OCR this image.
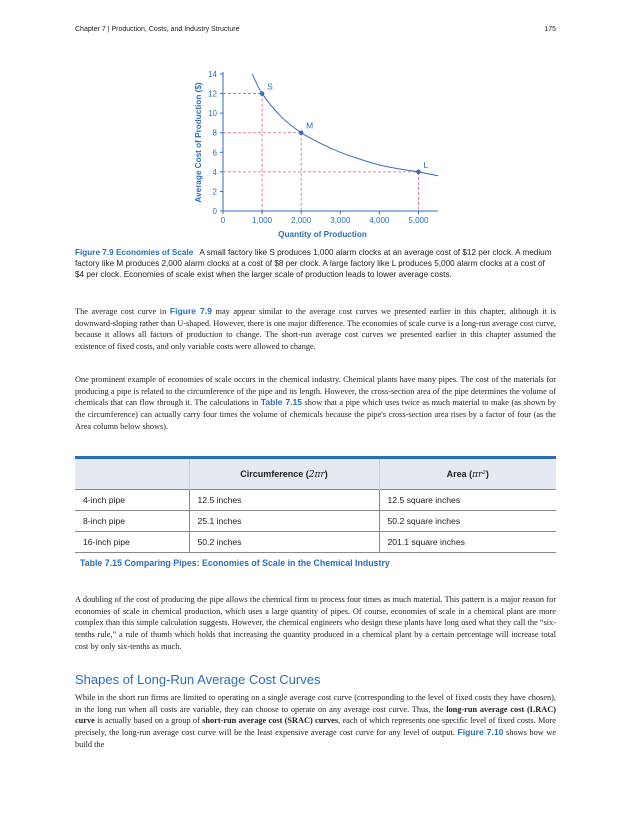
Chapter 7 | Production, Costs, and Industry Structure	175
0
2
4
6
8
10
12
14
0	1,000 2,000 3,000 4,000 5,000
S
M
L
Quantity of Production
Average Cost of Production ($)
Figure 7.9 Economies of Scale A small factory like S produces 1,000 alarm clocks at an average cost of $12 per clock. A medium factory like M produces 2,000 alarm clocks at a cost of $8 per clock. A large factory like L produces 5,000 alarm clocks at a cost of $4 per clock. Economies of scale exist when the larger scale of production leads to lower average costs.
The average cost curve in Figure 7.9 may appear similar to the average cost curves we presented earlier in this chapter, although it is downward-sloping rather than U-shaped. However, there is one major difference. The economies of scale curve is a long-run average cost curve, because it allows all factors of production to change. The short-run average cost curves we presented earlier in this chapter assumed the existence of fixed costs, and only variable costs were allowed to change.
One prominent example of economies of scale occurs in the chemical industry. Chemical plants have many pipes. The cost of the materials for producing a pipe is related to the circumference of the pipe and its length. However, the cross-section area of the pipe determines the volume of chemicals that can flow through it. The calculations in Table 7.15 show that a pipe which uses twice as much material to make (as shown by the circumference) can actually carry four times the volume of chemicals because the pipe's cross-section area rises by a factor of four (as the Area column below shows).
	Circumference (2πr)	Area (πr²)
4-inch pipe	12.5 inches	12.5 square inches
8-inch pipe	25.1 inches	50.2 square inches
16-inch pipe	50.2 inches	201.1 square inches
Table 7.15 Comparing Pipes: Economies of Scale in the Chemical Industry
A doubling of the cost of producing the pipe allows the chemical firm to process four times as much material. This pattern is a major reason for economies of scale in chemical production, which uses a large quantity of pipes. Of course, economies of scale in a chemical plant are more complex than this simple calculation suggests. However, the chemical engineers who design these plants have long used what they call the “six-tenths rule,” a rule of thumb which holds that increasing the quantity produced in a chemical plant by a certain percentage will increase total cost by only six-tenths as much.
Shapes of Long-Run Average Cost Curves
While in the short run firms are limited to operating on a single average cost curve (corresponding to the level of fixed costs they have chosen), in the long run when all costs are variable, they can choose to operate on any average cost curve. Thus, the long-run average cost (LRAC) curve is actually based on a group of short-run average cost (SRAC) curves, each of which represents one specific level of fixed costs. More precisely, the long-run average cost curve will be the least expensive average cost curve for any level of output. Figure 7.10 shows how we build the
